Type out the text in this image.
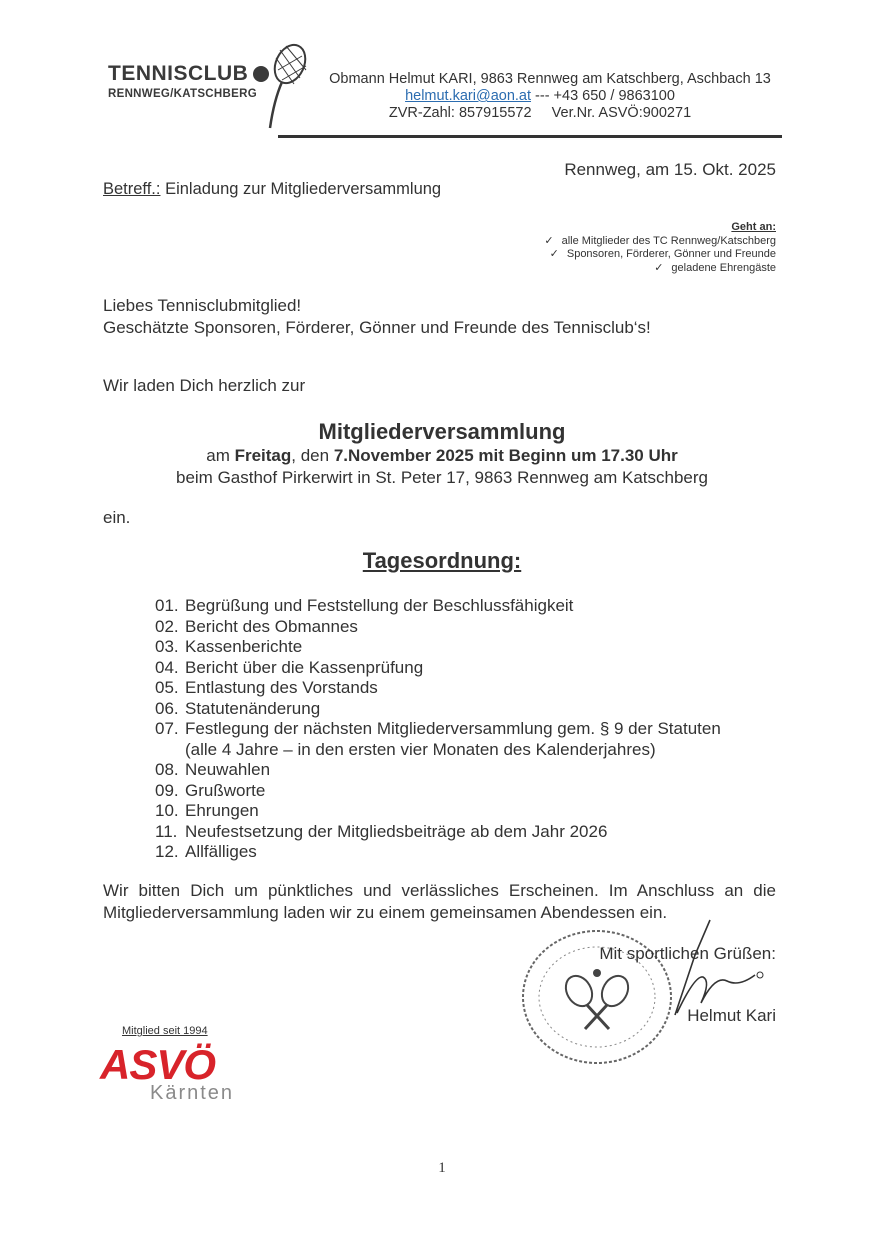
TENNISCLUB
RENNWEG/KATSCHBERG
Obmann Helmut KARI, 9863 Rennweg am Katschberg, Aschbach 13
helmut.kari@aon.at --- +43 650 / 9863100
ZVR-Zahl: 857915572     Ver.Nr. ASVÖ:900271
Rennweg, am 15. Okt. 2025
Betreff.: Einladung zur Mitgliederversammlung
Geht an:
✓ alle Mitglieder des TC Rennweg/Katschberg
✓ Sponsoren, Förderer, Gönner und Freunde
✓ geladene Ehrengäste
Liebes Tennisclubmitglied!
Geschätzte Sponsoren, Förderer, Gönner und Freunde des Tennisclub‘s!
Wir laden Dich herzlich zur
Mitgliederversammlung
am Freitag, den 7.November 2025 mit Beginn um 17.30 Uhr
beim Gasthof Pirkerwirt in St. Peter 17, 9863 Rennweg am Katschberg
ein.
Tagesordnung:
01. Begrüßung und Feststellung der Beschlussfähigkeit
02. Bericht des Obmannes
03. Kassenberichte
04. Bericht über die Kassenprüfung
05. Entlastung des Vorstands
06. Statutenänderung
07. Festlegung der nächsten Mitgliederversammlung gem. § 9 der Statuten
(alle 4 Jahre – in den ersten vier Monaten des Kalenderjahres)
08. Neuwahlen
09. Grußworte
10. Ehrungen
11. Neufestsetzung der Mitgliedsbeiträge ab dem Jahr 2026
12. Allfälliges
Wir bitten Dich um pünktliches und verlässliches Erscheinen. Im Anschluss an die Mitgliederversammlung laden wir zu einem gemeinsamen Abendessen ein.
Mit sportlichen Grüßen:
Helmut Kari
Mitglied seit 1994
ASVÖ
Kärnten
1
